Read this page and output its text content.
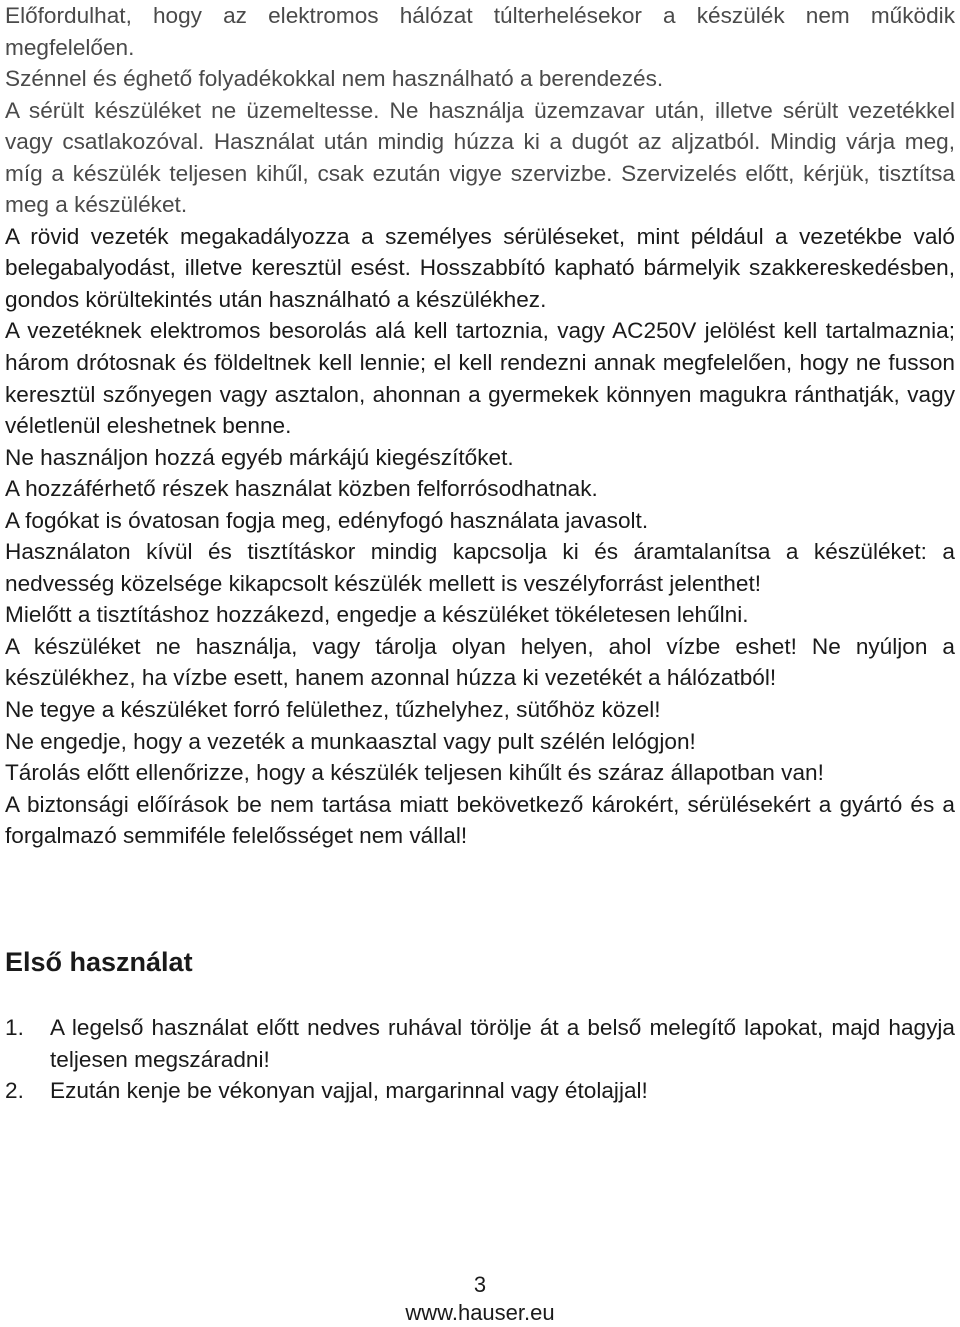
Előfordulhat, hogy az elektromos hálózat túlterhelésekor a készülék nem működik megfelelően.

Szénnel és éghető folyadékokkal nem használható a berendezés.

A sérült készüléket ne üzemeltesse. Ne használja üzemzavar után, illetve sérült vezetékkel vagy csatlakozóval. Használat után mindig húzza ki a dugót az aljzatból. Mindig várja meg, míg a készülék teljesen kihűl, csak ezután vigye szervizbe. Szervizelés előtt, kérjük, tisztítsa meg a készüléket.

A rövid vezeték megakadályozza a személyes sérüléseket, mint például a vezetékbe való belegabalyodást, illetve keresztül esést. Hosszabbító kapható bármelyik szakkereskedésben, gondos körültekintés után használható a készülékhez.

A vezetéknek elektromos besorolás alá kell tartoznia, vagy AC250V jelölést kell tartalmaznia; három drótosnak és földeltnek kell lennie; el kell rendezni annak megfelelően, hogy ne fusson keresztül szőnyegen vagy asztalon, ahonnan a gyermekek könnyen magukra ránthatják, vagy véletlenül eleshetnek benne.

Ne használjon hozzá egyéb márkájú kiegészítőket.

A hozzáférhető részek használat közben felforrósodhatnak.

A fogókat is óvatosan fogja meg, edényfogó használata javasolt.

Használaton kívül és tisztításkor mindig kapcsolja ki és áramtalanítsa a készüléket: a nedvesség közelsége kikapcsolt készülék mellett is veszélyforrást jelenthet!

Mielőtt a tisztításhoz hozzákezd, engedje a készüléket tökéletesen lehűlni.

A készüléket ne használja, vagy tárolja olyan helyen, ahol vízbe eshet! Ne nyúljon a készülékhez, ha vízbe esett, hanem azonnal húzza ki vezetékét a hálózatból!

Ne tegye a készüléket forró felülethez, tűzhelyhez, sütőhöz közel!

Ne engedje, hogy a vezeték a munkaasztal vagy pult szélén lelógjon!

Tárolás előtt ellenőrizze, hogy a készülék teljesen kihűlt és száraz állapotban van!

A biztonsági előírások be nem tartása miatt bekövetkező károkért, sérülésekért a gyártó és a forgalmazó semmiféle felelősséget nem vállal!

Első használat
1.	A legelső használat előtt nedves ruhával törölje át a belső melegítő lapokat, majd hagyja teljesen megszáradni!
2.	Ezután kenje be vékonyan vajjal, margarinnal vagy étolajjal!
3
www.hauser.eu
